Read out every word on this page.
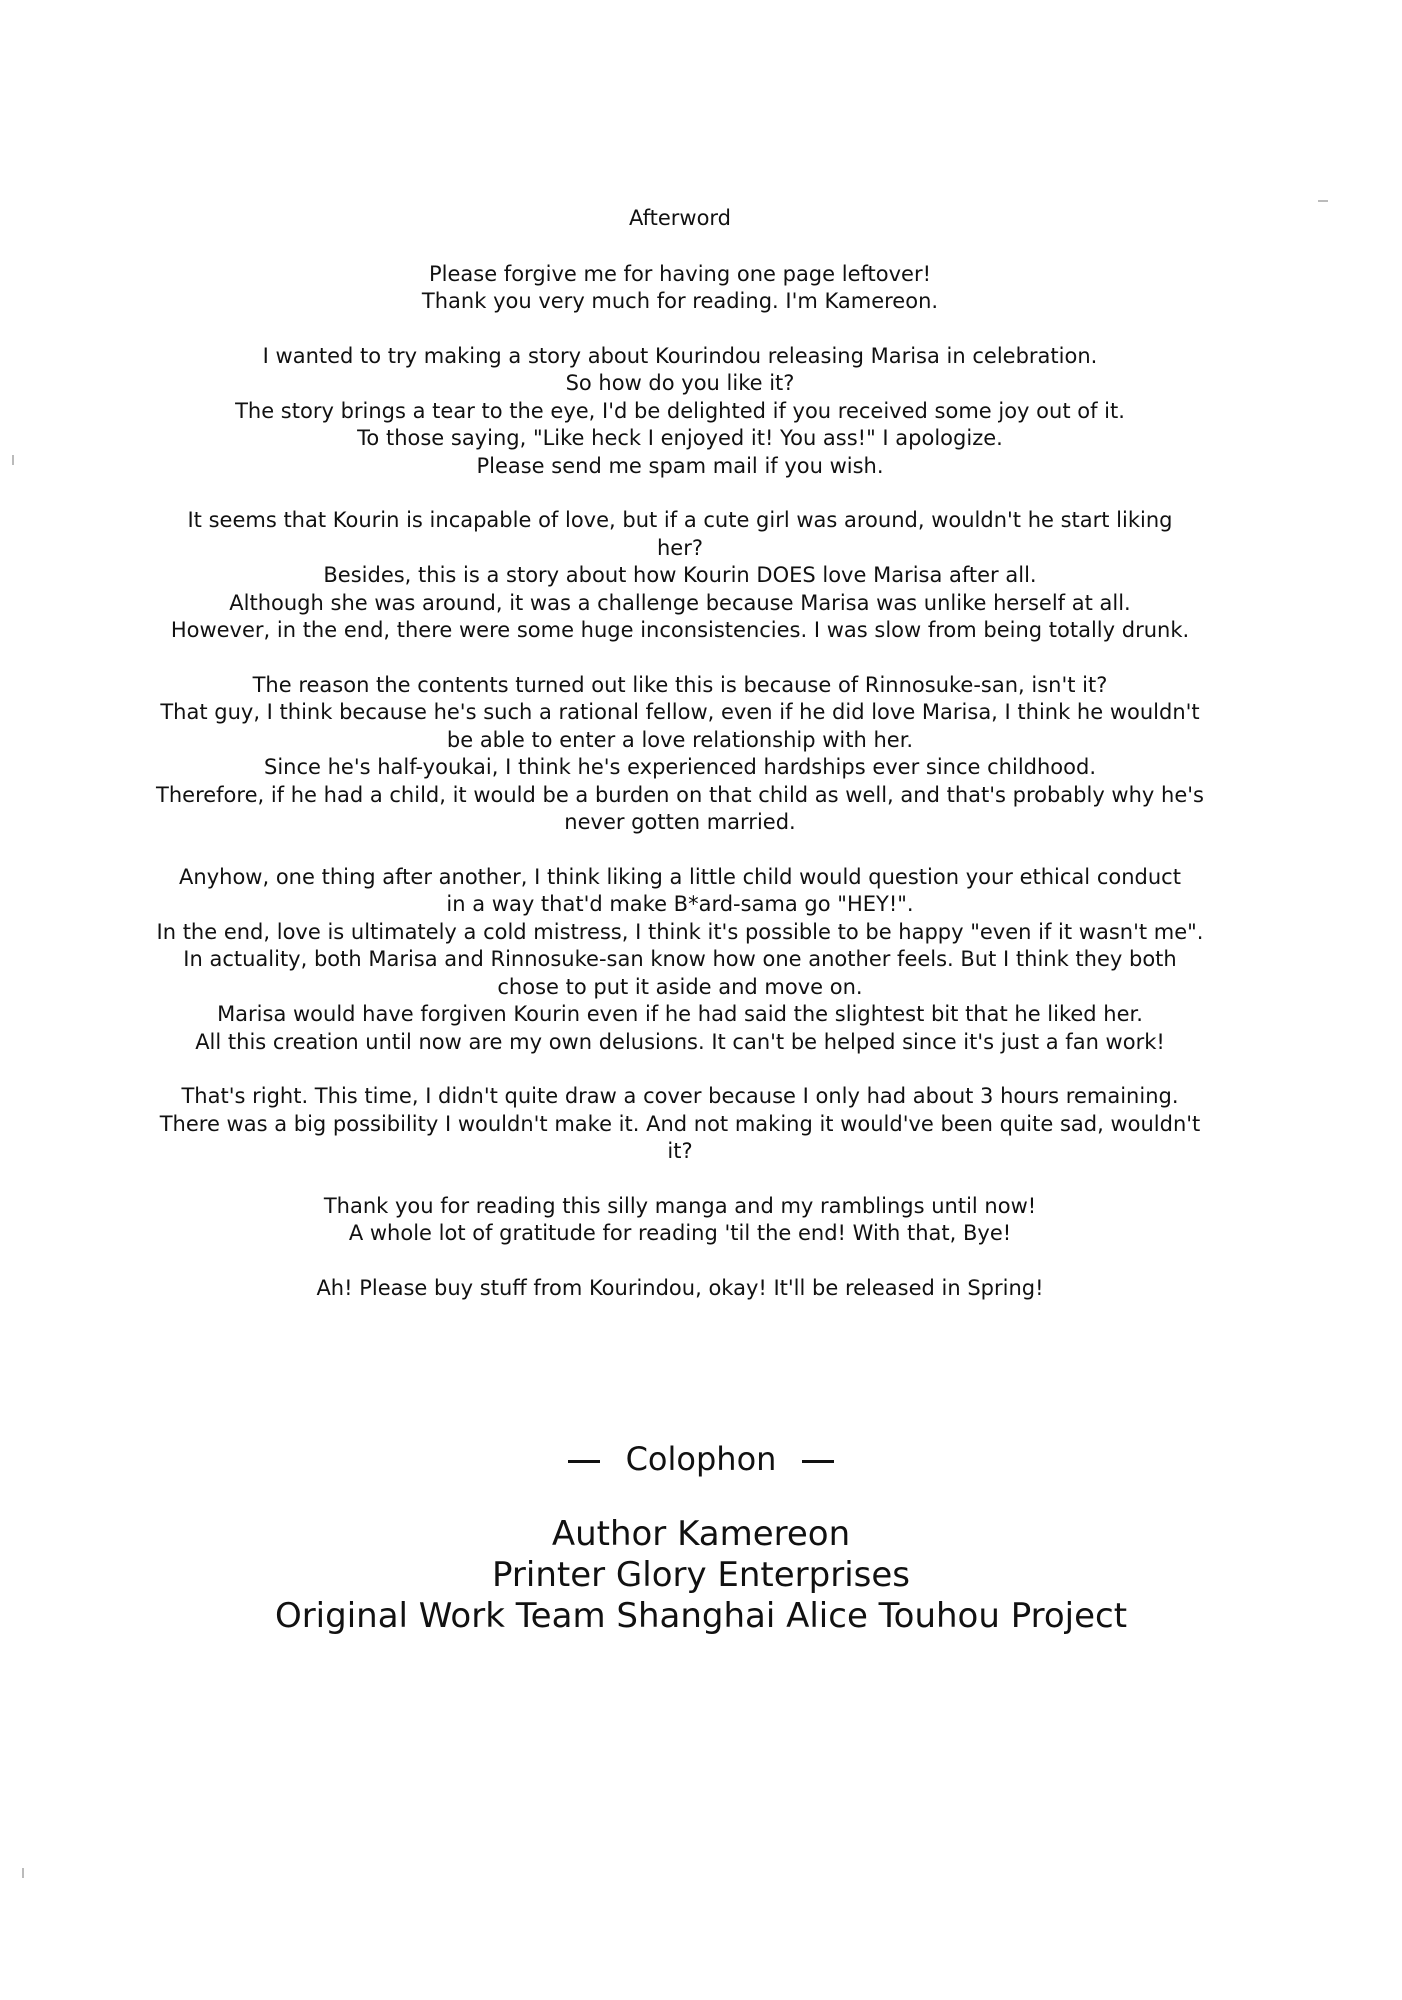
Afterword

Please forgive me for having one page leftover!
Thank you very much for reading. I'm Kamereon.

I wanted to try making a story about Kourindou releasing Marisa in celebration.
So how do you like it?
The story brings a tear to the eye, I'd be delighted if you received some joy out of it.
To those saying, "Like heck I enjoyed it! You ass!" I apologize.
Please send me spam mail if you wish.

It seems that Kourin is incapable of love, but if a cute girl was around, wouldn't he start liking
her?
Besides, this is a story about how Kourin DOES love Marisa after all.
Although she was around, it was a challenge because Marisa was unlike herself at all.
However, in the end, there were some huge inconsistencies. I was slow from being totally drunk.

The reason the contents turned out like this is because of Rinnosuke-san, isn't it?
That guy, I think because he's such a rational fellow, even if he did love Marisa, I think he wouldn't
be able to enter a love relationship with her.
Since he's half-youkai, I think he's experienced hardships ever since childhood.
Therefore, if he had a child, it would be a burden on that child as well, and that's probably why he's
never gotten married.

Anyhow, one thing after another, I think liking a little child would question your ethical conduct
in a way that'd make B*ard-sama go "HEY!".
In the end, love is ultimately a cold mistress, I think it's possible to be happy "even if it wasn't me".
In actuality, both Marisa and Rinnosuke-san know how one another feels. But I think they both
chose to put it aside and move on.
Marisa would have forgiven Kourin even if he had said the slightest bit that he liked her.
All this creation until now are my own delusions. It can't be helped since it's just a fan work!

That's right. This time, I didn't quite draw a cover because I only had about 3 hours remaining.
There was a big possibility I wouldn't make it. And not making it would've been quite sad, wouldn't
it?

Thank you for reading this silly manga and my ramblings until now!
A whole lot of gratitude for reading 'til the end! With that, Bye!

Ah! Please buy stuff from Kourindou, okay! It'll be released in Spring!

Colophon
Author Kamereon
Printer Glory Enterprises
Original Work Team Shanghai Alice Touhou Project
